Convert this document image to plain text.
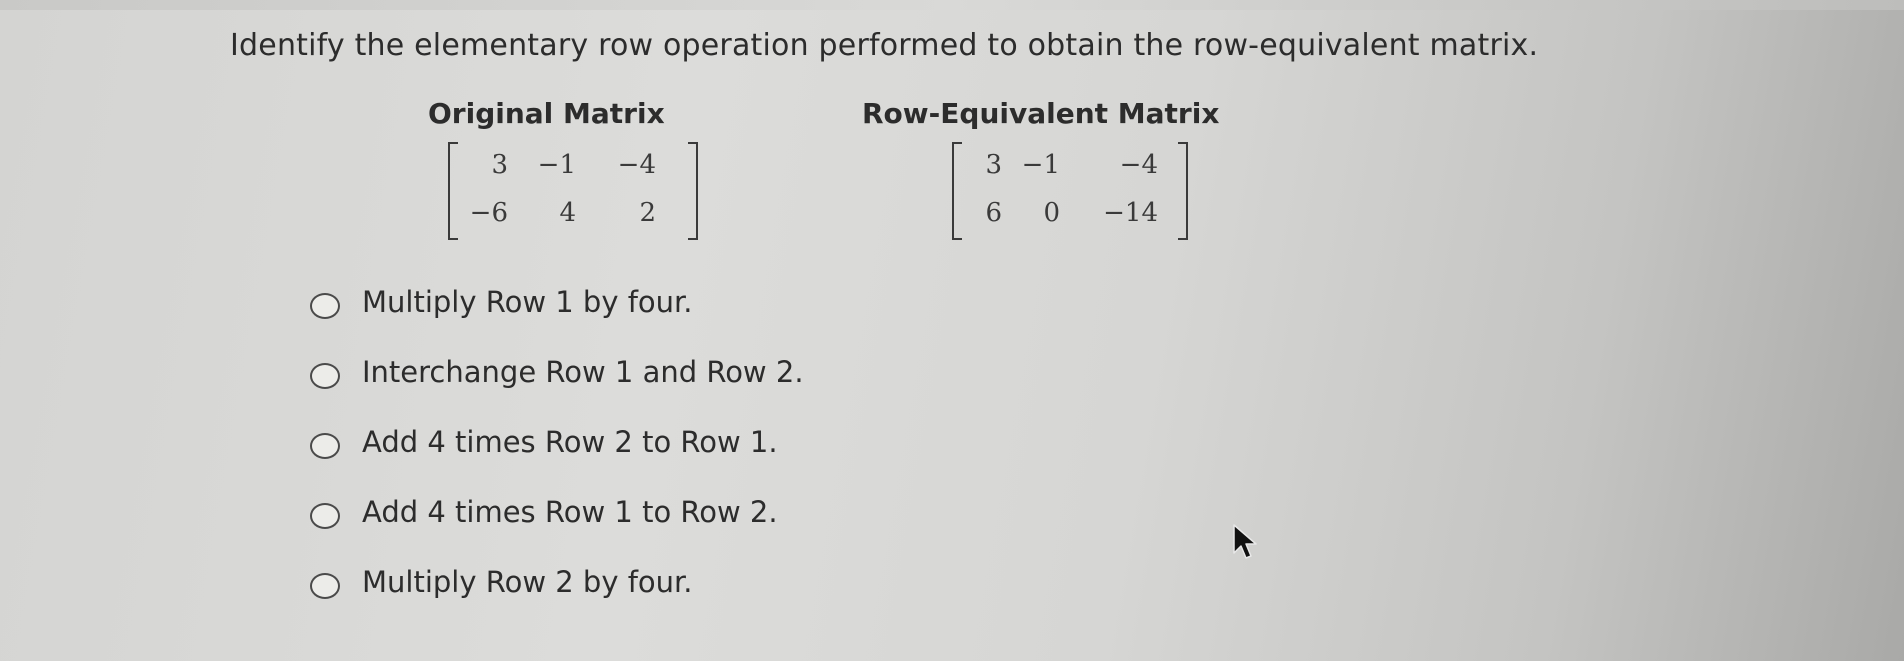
Identify the elementary row operation performed to obtain the row-equivalent matrix.
Original Matrix	Row-Equivalent Matrix
3	−1	−4
−6	4	2
3 −1	−4
6	0 −14
Multiply Row 1 by four.
Interchange Row 1 and Row 2.
Add 4 times Row 2 to Row 1.
Add 4 times Row 1 to Row 2.
Multiply Row 2 by four.
